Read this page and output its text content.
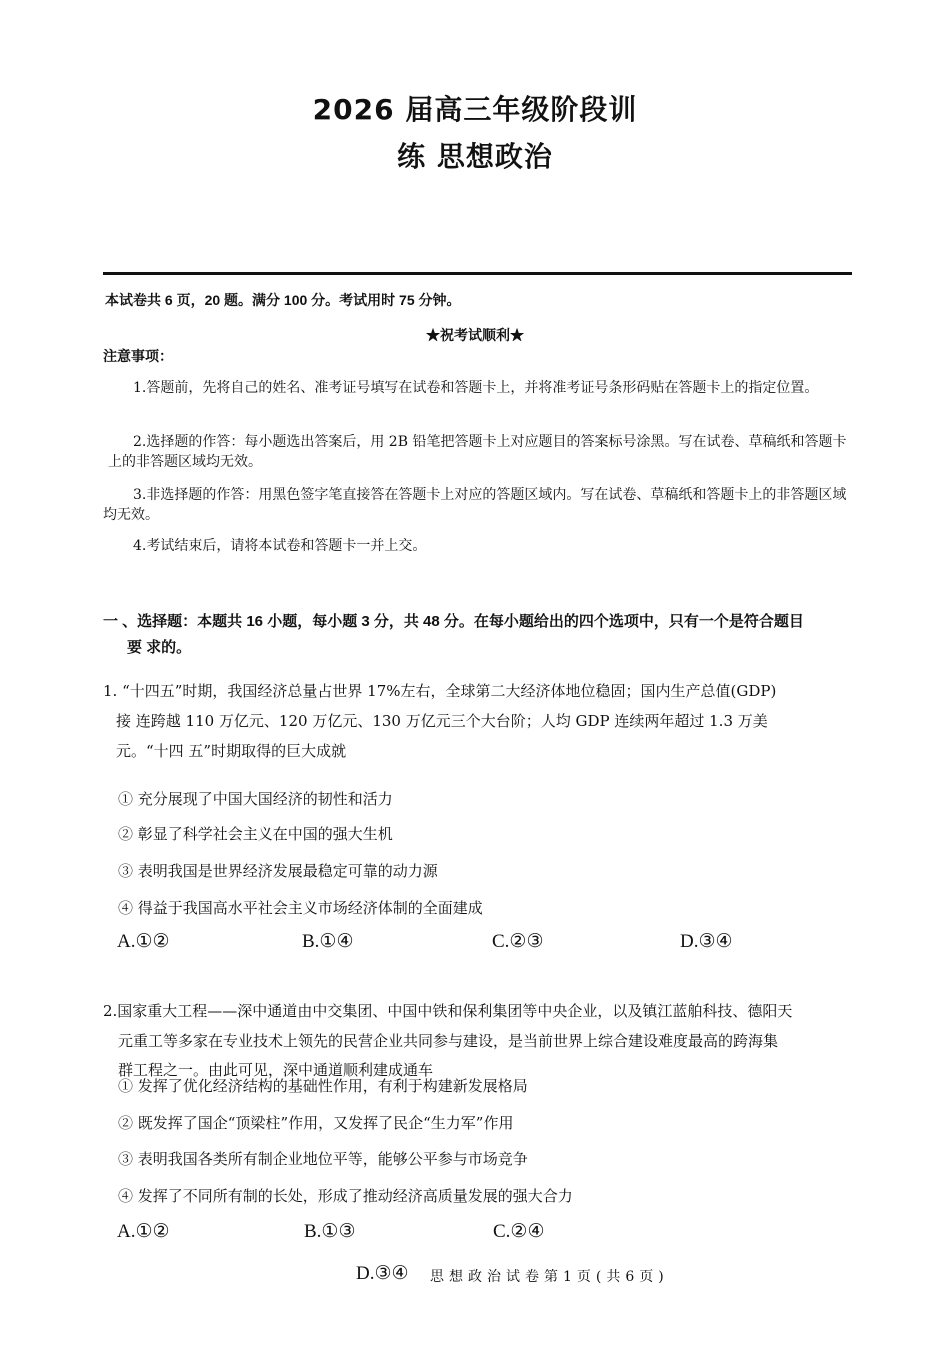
2026 届高三年级阶段训
练 思想政治
本试卷共 6 页，20 题。满分 100 分。考试用时 75 分钟。
★祝考试顺利★
注意事项：
1.答题前，先将自己的姓名、准考证号填写在试卷和答题卡上，并将准考证号条形码贴在答题卡上的指定位置。
2.选择题的作答：每小题选出答案后，用 2B 铅笔把答题卡上对应题目的答案标号涂黑。写在试卷、草稿纸和答题卡上的非答题区域均无效。
3.非选择题的作答：用黑色签字笔直接答在答题卡上对应的答题区域内。写在试卷、草稿纸和答题卡上的非答题区域均无效。
4.考试结束后，请将本试卷和答题卡一并上交。
一 、选择题：本题共 16 小题，每小题 3 分，共 48 分。在每小题给出的四个选项中，只有一个是符合题目
要 求的。
1. “十四五”时期，我国经济总量占世界 17%左右，全球第二大经济体地位稳固；国内生产总值(GDP)
接 连跨越 110 万亿元、120 万亿元、130 万亿元三个大台阶；人均 GDP 连续两年超过 1.3 万美
元。“十四 五”时期取得的巨大成就
① 充分展现了中国大国经济的韧性和活力
② 彰显了科学社会主义在中国的强大生机
③ 表明我国是世界经济发展最稳定可靠的动力源
④ 得益于我国高水平社会主义市场经济体制的全面建成
A.①②	B.①④	C.②③	D.③④
2.国家重大工程——深中通道由中交集团、中国中铁和保利集团等中央企业，以及镇江蓝舶科技、德阳天
元重工等多家在专业技术上领先的民营企业共同参与建设，是当前世界上综合建设难度最高的跨海集
群工程之一。由此可见，深中通道顺利建成通车
① 发挥了优化经济结构的基础性作用，有利于构建新发展格局
② 既发挥了国企“顶梁柱”作用，又发挥了民企“生力军”作用
③ 表明我国各类所有制企业地位平等，能够公平参与市场竞争
④ 发挥了不同所有制的长处，形成了推动经济高质量发展的强大合力
A.①②	B.①③	C.②④
D.③④ 思想政治试卷第1页(共6页)
